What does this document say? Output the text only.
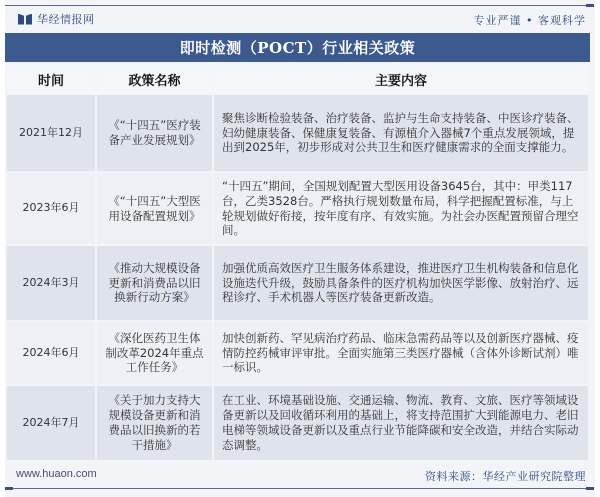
华经情报网	专业严谨 • 客观科学
即时检测（POCT）行业相关政策
时间	政策名称	主要内容
2021年12月	《“十四五”医疗装备产业发展规划》	聚焦诊断检验装备、治疗装备、监护与生命支持装备、中医诊疗装备、妇幼健康装备、保健康复装备、有源植介入器械7个重点发展领域，提出到2025年，初步形成对公共卫生和医疗健康需求的全面支撑能力。
2023年6月	《“十四五”大型医用设备配置规划》	“十四五”期间，全国规划配置大型医用设备3645台，其中：甲类117台，乙类3528台。严格执行规划数量布局，科学把握配置标准，与上轮规划做好衔接，按年度有序、有效实施。为社会办医配置预留合理空间。
2024年3月	《推动大规模设备更新和消费品以旧换新行动方案》	加强优质高效医疗卫生服务体系建设，推进医疗卫生机构装备和信息化设施迭代升级，鼓励具备条件的医疗机构加快医学影像、放射治疗、远程诊疗、手术机器人等医疗装备更新改造。
2024年6月	《深化医药卫生体制改革2024年重点工作任务》	加快创新药、罕见病治疗药品、临床急需药品等以及创新医疗器械、疫情防控药械审评审批。全面实施第三类医疗器械（含体外诊断试剂）唯一标识。
2024年7月	《关于加力支持大规模设备更新和消费品以旧换新的若干措施》	在工业、环境基础设施、交通运输、物流、教育、文旅、医疗等领域设备更新以及回收循环利用的基础上，将支持范围扩大到能源电力、老旧电梯等领域设备更新以及重点行业节能降碳和安全改造，并结合实际动态调整。
www.huaon.com	资料来源：华经产业研究院整理
